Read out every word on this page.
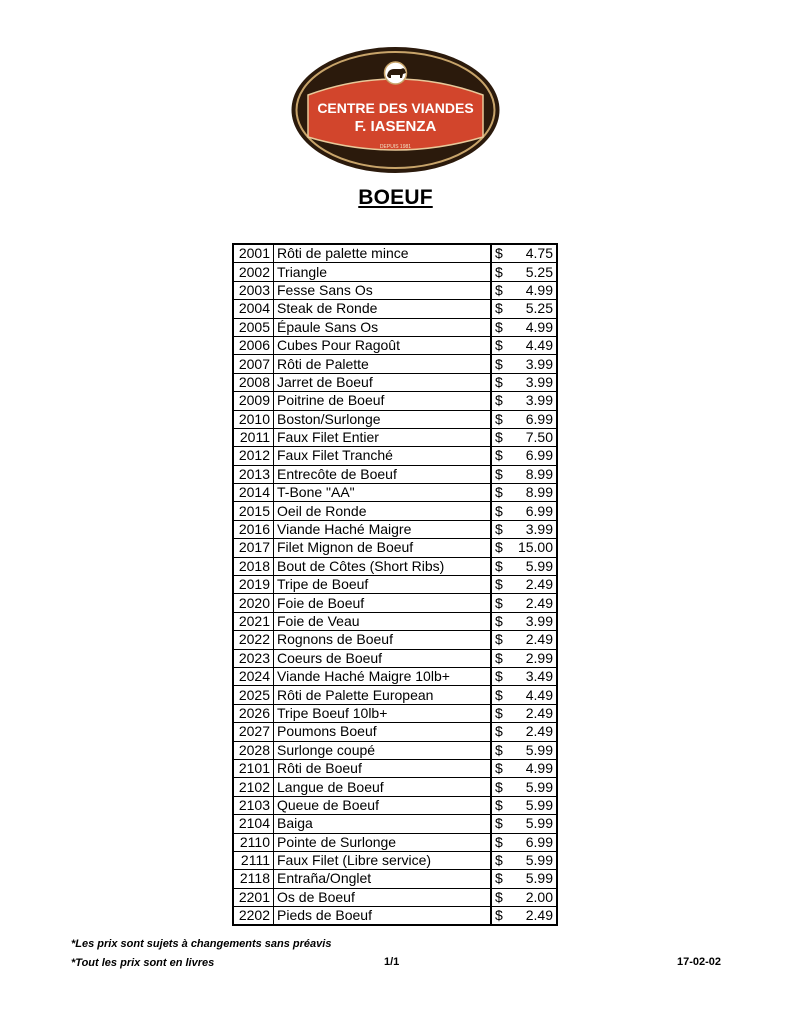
CENTRE DES VIANDES
F. IASENZA
DEPUIS 1981
BOEUF
2001	Rôti de palette mince	$	4.75
2002	Triangle	$	5.25
2003	Fesse Sans Os	$	4.99
2004	Steak de Ronde	$	5.25
2005	Épaule Sans Os	$	4.99
2006	Cubes Pour Ragoût	$	4.49
2007	Rôti de Palette	$	3.99
2008	Jarret de Boeuf	$	3.99
2009	Poitrine de Boeuf	$	3.99
2010	Boston/Surlonge	$	6.99
2011	Faux Filet Entier	$	7.50
2012	Faux Filet Tranché	$	6.99
2013	Entrecôte de Boeuf	$	8.99
2014	T-Bone "AA"	$	8.99
2015	Oeil de Ronde	$	6.99
2016	Viande Haché Maigre	$	3.99
2017	Filet Mignon de Boeuf	$	15.00
2018	Bout de Côtes (Short Ribs)	$	5.99
2019	Tripe de Boeuf	$	2.49
2020	Foie de Boeuf	$	2.49
2021	Foie de Veau	$	3.99
2022	Rognons de Boeuf	$	2.49
2023	Coeurs de Boeuf	$	2.99
2024	Viande Haché Maigre 10lb+	$	3.49
2025	Rôti de Palette European	$	4.49
2026	Tripe Boeuf 10lb+	$	2.49
2027	Poumons Boeuf	$	2.49
2028	Surlonge coupé	$	5.99
2101	Rôti de Boeuf	$	4.99
2102	Langue de Boeuf	$	5.99
2103	Queue de Boeuf	$	5.99
2104	Baiga	$	5.99
2110	Pointe de Surlonge	$	6.99
2111	Faux Filet (Libre service)	$	5.99
2118	Entraña/Onglet	$	5.99
2201	Os de Boeuf	$	2.00
2202	Pieds de Boeuf	$	2.49
*Les prix sont sujets à changements sans préavis
*Tout les prix sont en livres	1/1	17-02-02
